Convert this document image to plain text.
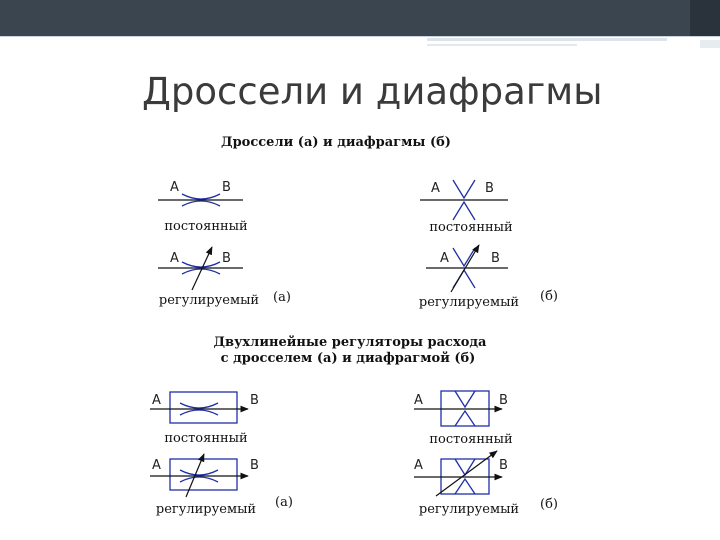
Дроссели и диафрагмы
Дроссели (а) и диафрагмы (б)
A	B
постоянный
A	B
регулируемый (а)
A	B
постоянный
A	B
регулируемый (б)
Двухлинейные регуляторы расхода
с дросселем (а) и диафрагмой (б)
A	B
постоянный
A	B
регулируемый (а)
A	B
постоянный
A	B
регулируемый (б)
